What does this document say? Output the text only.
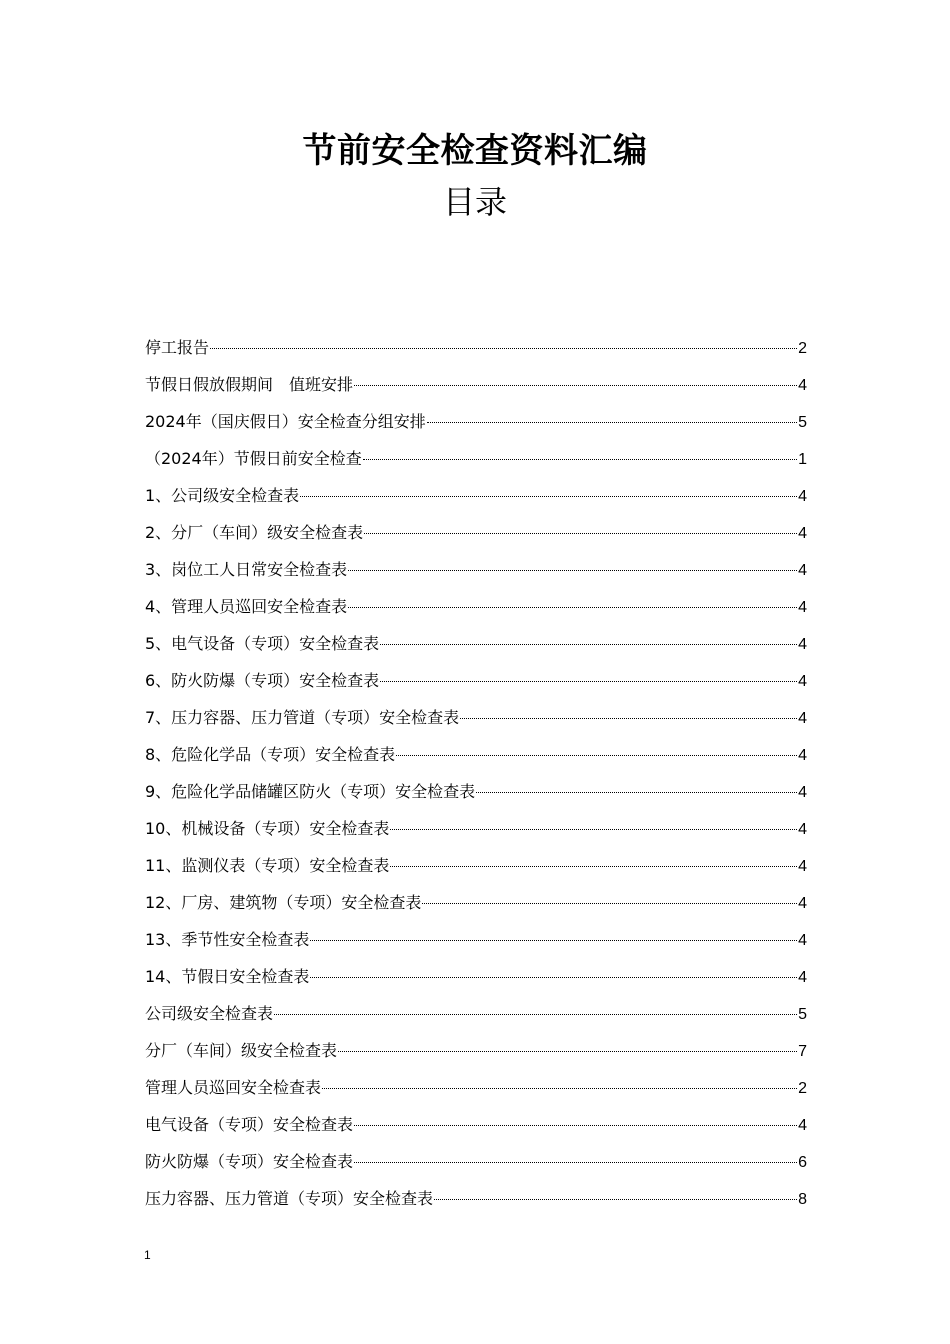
节前安全检查资料汇编
目录
停工报告	2
节假日假放假期间　值班安排	4
2024年（国庆假日）安全检查分组安排	5
（2024年）节假日前安全检查	1
1、公司级安全检查表	4
2、分厂（车间）级安全检查表	4
3、岗位工人日常安全检查表	4
4、管理人员巡回安全检查表	4
5、电气设备（专项）安全检查表	4
6、防火防爆（专项）安全检查表	4
7、压力容器、压力管道（专项）安全检查表	4
8、危险化学品（专项）安全检查表	4
9、危险化学品储罐区防火（专项）安全检查表	4
10、机械设备（专项）安全检查表	4
11、监测仪表（专项）安全检查表	4
12、厂房、建筑物（专项）安全检查表	4
13、季节性安全检查表	4
14、节假日安全检查表	4
公司级安全检查表	5
分厂（车间）级安全检查表	7
管理人员巡回安全检查表	2
电气设备（专项）安全检查表	4
防火防爆（专项）安全检查表	6
压力容器、压力管道（专项）安全检查表	8
1
